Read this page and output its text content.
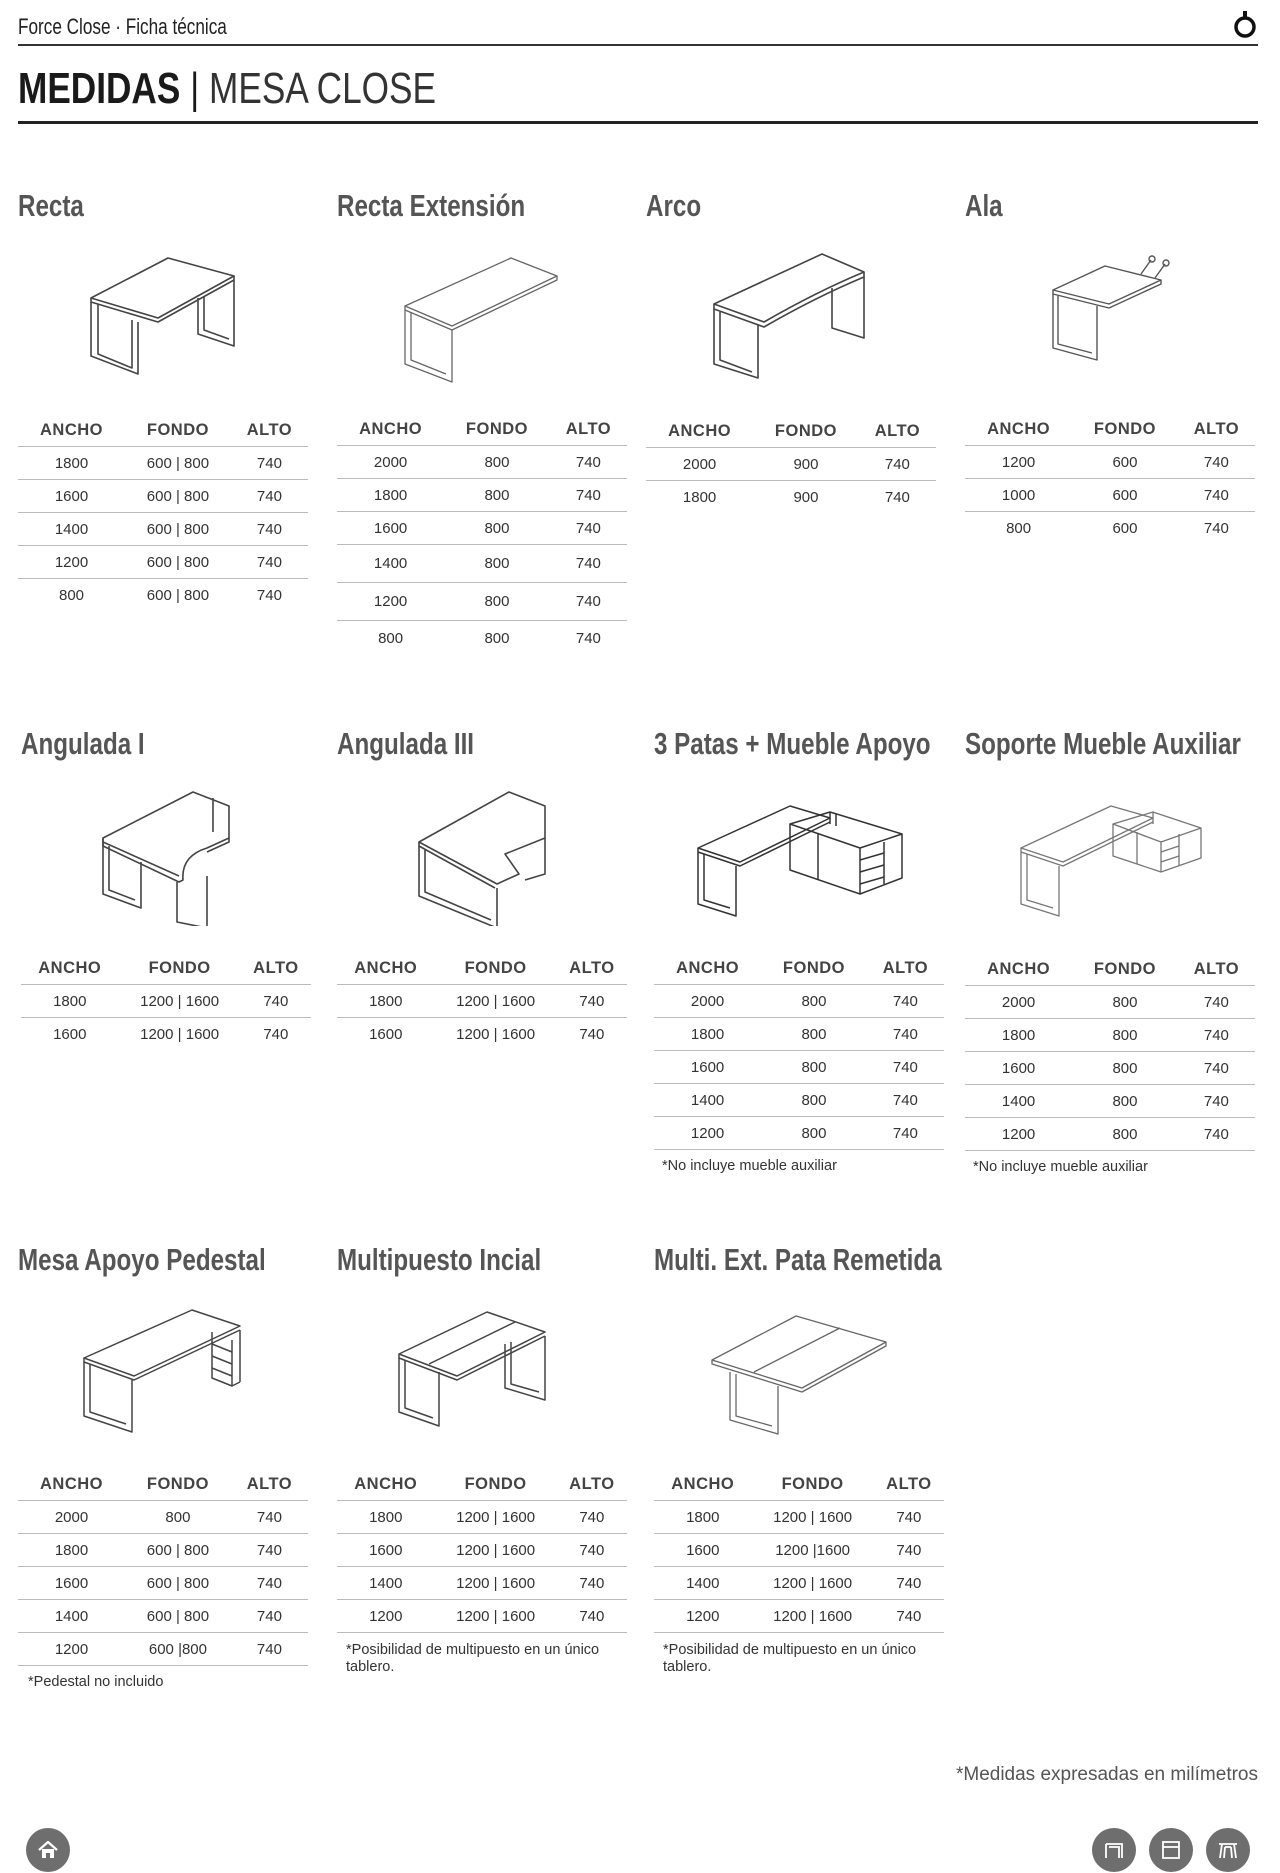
Force Close · Ficha técnica
MEDIDAS | MESA CLOSE
Recta
ANCHO	FONDO	ALTO
1800	600 | 800	740
1600	600 | 800	740
1400	600 | 800	740
1200	600 | 800	740
800	600 | 800	740
Recta Extensión
ANCHO	FONDO	ALTO
2000	800	740
1800	800	740
1600	800	740
1400	800	740
1200	800	740
800	800	740
Arco
ANCHO	FONDO	ALTO
2000	900	740
1800	900	740
Ala
ANCHO	FONDO	ALTO
1200	600	740
1000	600	740
800	600	740
Angulada I
ANCHO	FONDO	ALTO
1800	1200 | 1600	740
1600	1200 | 1600	740
Angulada III
ANCHO	FONDO	ALTO
1800	1200 | 1600	740
1600	1200 | 1600	740
3 Patas + Mueble Apoyo
ANCHO	FONDO	ALTO
2000	800	740
1800	800	740
1600	800	740
1400	800	740
1200	800	740
*No incluye mueble auxiliar
Soporte Mueble Auxiliar
ANCHO	FONDO	ALTO
2000	800	740
1800	800	740
1600	800	740
1400	800	740
1200	800	740
*No incluye mueble auxiliar
Mesa Apoyo Pedestal
ANCHO	FONDO	ALTO
2000	800	740
1800	600 | 800	740
1600	600 | 800	740
1400	600 | 800	740
1200	600 |800	740
*Pedestal no incluido
Multipuesto Incial
ANCHO	FONDO	ALTO
1800	1200 | 1600	740
1600	1200 | 1600	740
1400	1200 | 1600	740
1200	1200 | 1600	740
*Posibilidad de multipuesto en un único tablero.
Multi. Ext. Pata Remetida
ANCHO	FONDO	ALTO
1800	1200 | 1600	740
1600	1200 |1600	740
1400	1200 | 1600	740
1200	1200 | 1600	740
*Posibilidad de multipuesto en un único tablero.
*Medidas expresadas en milímetros
